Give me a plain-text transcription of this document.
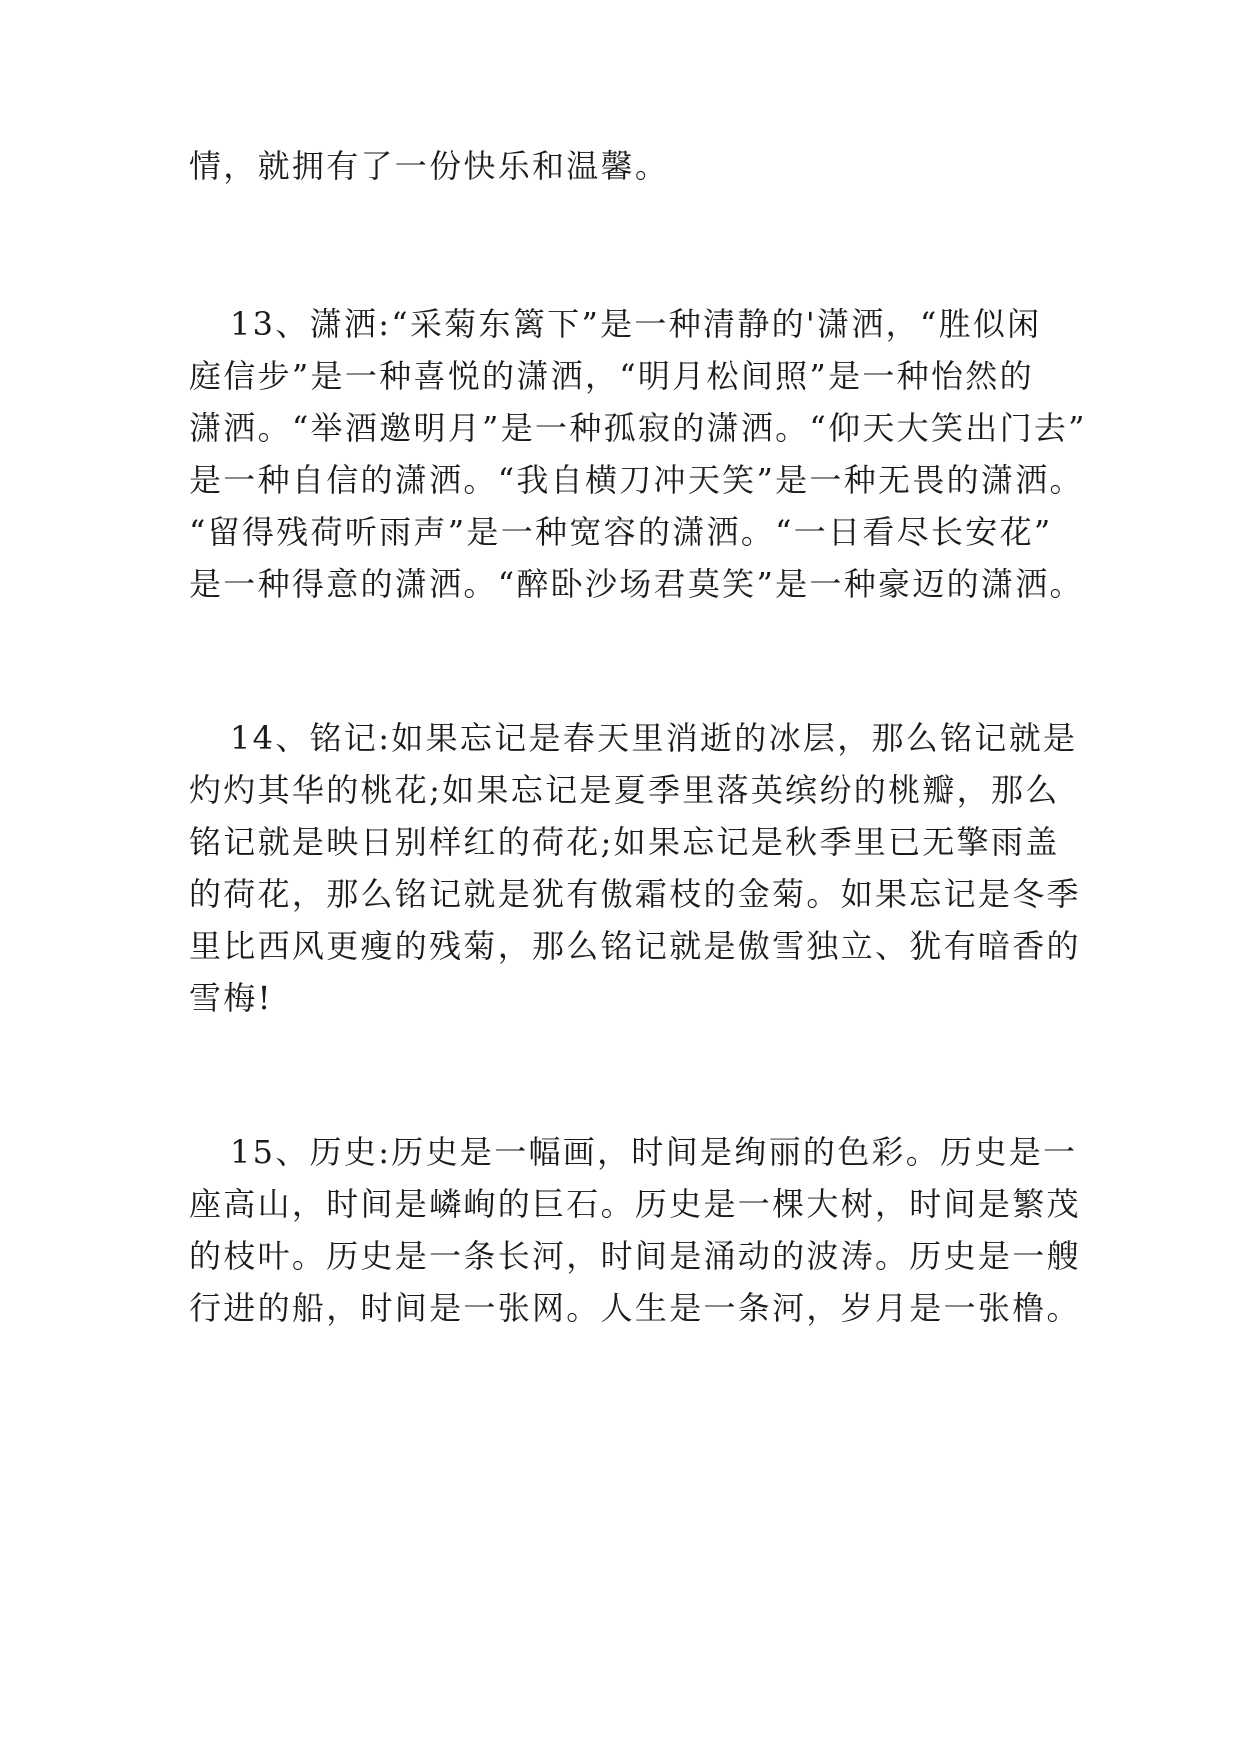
情，就拥有了一份快乐和温馨。
13、潇洒:“采菊东篱下”是一种清静的'潇洒，“胜似闲
庭信步”是一种喜悦的潇洒，“明月松间照”是一种怡然的
潇洒。“举酒邀明月”是一种孤寂的潇洒。“仰天大笑出门去”
是一种自信的潇洒。“我自横刀冲天笑”是一种无畏的潇洒。
“留得残荷听雨声”是一种宽容的潇洒。“一日看尽长安花”
是一种得意的潇洒。“醉卧沙场君莫笑”是一种豪迈的潇洒。
14、铭记:如果忘记是春天里消逝的冰层，那么铭记就是
灼灼其华的桃花;如果忘记是夏季里落英缤纷的桃瓣，那么
铭记就是映日别样红的荷花;如果忘记是秋季里已无擎雨盖
的荷花，那么铭记就是犹有傲霜枝的金菊。如果忘记是冬季
里比西风更瘦的残菊，那么铭记就是傲雪独立、犹有暗香的
雪梅!
15、历史:历史是一幅画，时间是绚丽的色彩。历史是一
座高山，时间是嶙峋的巨石。历史是一棵大树，时间是繁茂
的枝叶。历史是一条长河，时间是涌动的波涛。历史是一艘
行进的船，时间是一张网。人生是一条河，岁月是一张橹。
